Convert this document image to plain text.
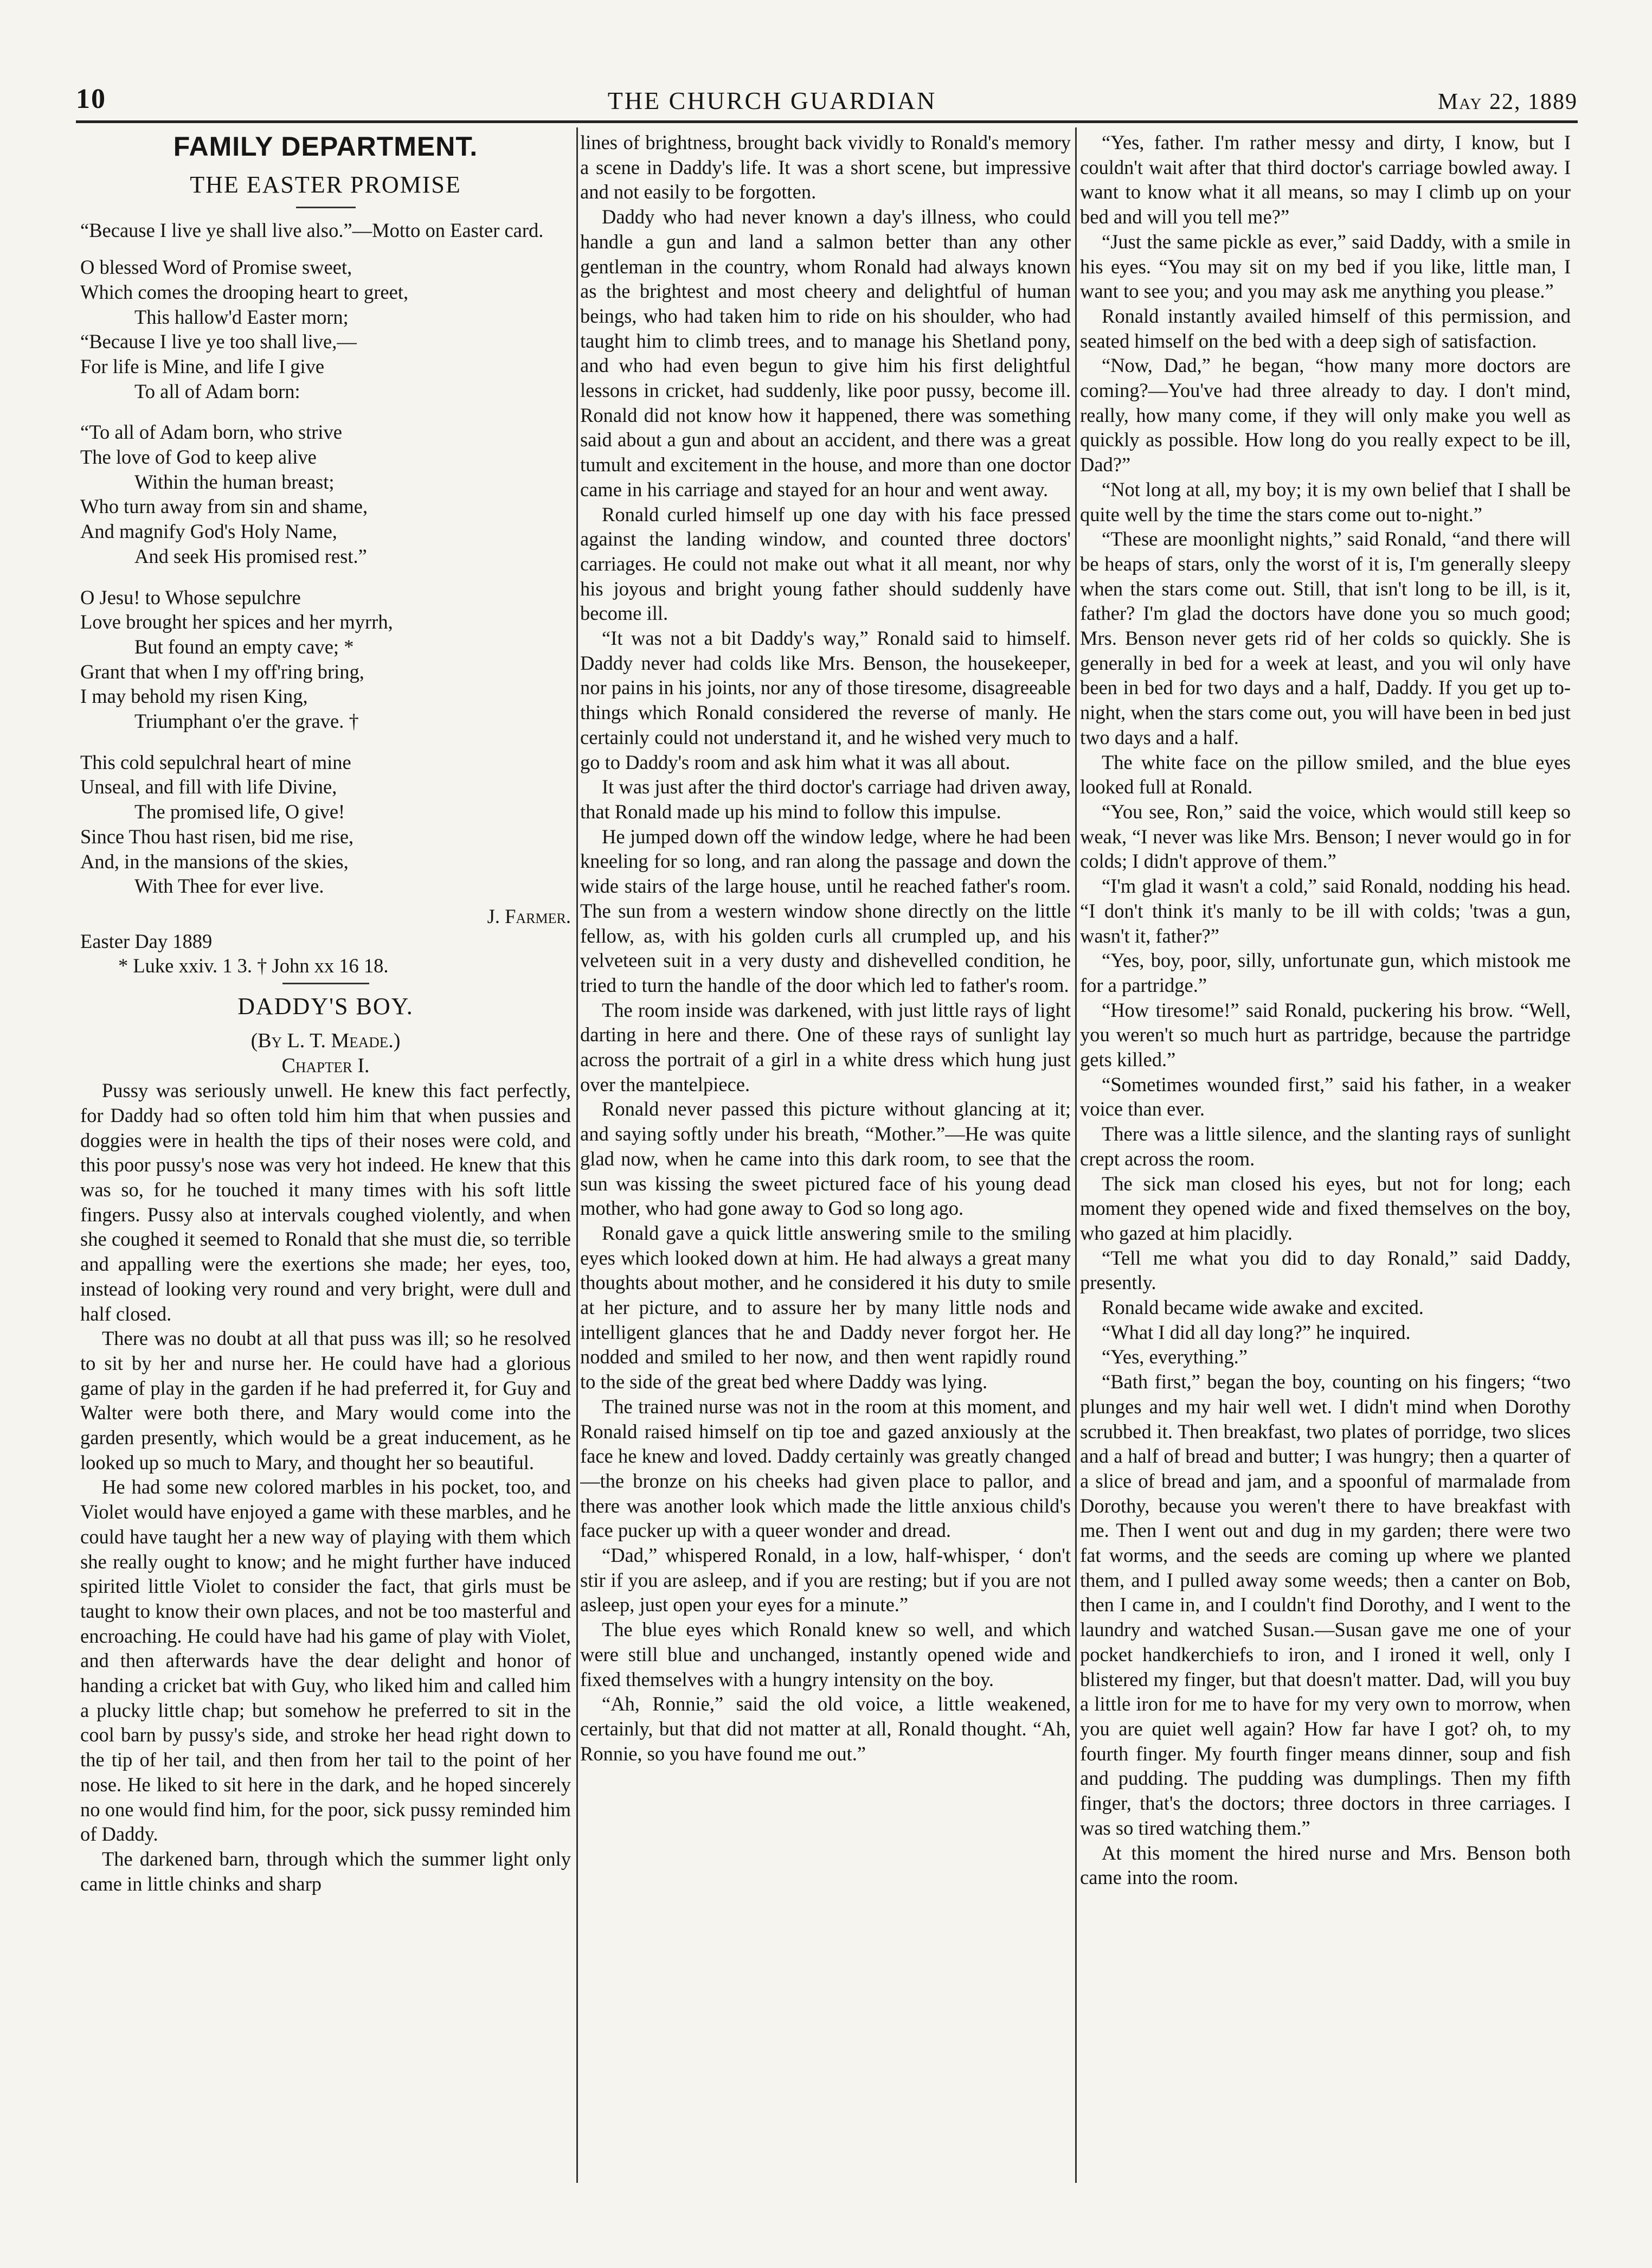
10	THE CHURCH GUARDIAN	May 22, 1889
FAMILY DEPARTMENT.
THE EASTER PROMISE

“Because I live ye shall live also.”—Motto on Easter card.

O blessed Word of Promise sweet,
Which comes the drooping heart to greet,
This hallow'd Easter morn;
“Because I live ye too shall live,—
For life is Mine, and life I give
To all of Adam born:
“To all of Adam born, who strive
The love of God to keep alive
Within the human breast;
Who turn away from sin and shame,
And magnify God's Holy Name,
And seek His promised rest.”
O Jesu! to Whose sepulchre
Love brought her spices and her myrrh,
But found an empty cave; *
Grant that when I my off'ring bring,
I may behold my risen King,
Triumphant o'er the grave. †
This cold sepulchral heart of mine
Unseal, and fill with life Divine,
The promised life, O give!
Since Thou hast risen, bid me rise,
And, in the mansions of the skies,
With Thee for ever live.

J. Farmer.

Easter Day 1889

* Luke xxiv. 1 3. † John xx 16 18.

DADDY'S BOY.

(By L. T. Meade.)

Chapter I.

Pussy was seriously unwell. He knew this fact perfectly, for Daddy had so often told him him that when pussies and doggies were in health the tips of their noses were cold, and this poor pussy's nose was very hot indeed. He knew that this was so, for he touched it many times with his soft little fingers. Pussy also at intervals coughed violently, and when she coughed it seemed to Ronald that she must die, so terrible and appalling were the exertions she made; her eyes, too, instead of looking very round and very bright, were dull and half closed.

There was no doubt at all that puss was ill; so he resolved to sit by her and nurse her. He could have had a glorious game of play in the garden if he had preferred it, for Guy and Walter were both there, and Mary would come into the garden presently, which would be a great inducement, as he looked up so much to Mary, and thought her so beautiful.

He had some new colored marbles in his pocket, too, and Violet would have enjoyed a game with these marbles, and he could have taught her a new way of playing with them which she really ought to know; and he might further have induced spirited little Violet to consider the fact, that girls must be taught to know their own places, and not be too masterful and encroaching. He could have had his game of play with Violet, and then afterwards have the dear delight and honor of handing a cricket bat with Guy, who liked him and called him a plucky little chap; but somehow he preferred to sit in the cool barn by pussy's side, and stroke her head right down to the tip of her tail, and then from her tail to the point of her nose. He liked to sit here in the dark, and he hoped sincerely no one would find him, for the poor, sick pussy reminded him of Daddy.

The darkened barn, through which the summer light only came in little chinks and sharp

lines of brightness, brought back vividly to Ronald's memory a scene in Daddy's life. It was a short scene, but impressive and not easily to be forgotten.

Daddy who had never known a day's illness, who could handle a gun and land a salmon better than any other gentleman in the country, whom Ronald had always known as the brightest and most cheery and delightful of human beings, who had taken him to ride on his shoulder, who had taught him to climb trees, and to manage his Shetland pony, and who had even begun to give him his first delightful lessons in cricket, had suddenly, like poor pussy, become ill. Ronald did not know how it happened, there was something said about a gun and about an accident, and there was a great tumult and excitement in the house, and more than one doctor came in his carriage and stayed for an hour and went away.

Ronald curled himself up one day with his face pressed against the landing window, and counted three doctors' carriages. He could not make out what it all meant, nor why his joyous and bright young father should suddenly have become ill.

“It was not a bit Daddy's way,” Ronald said to himself. Daddy never had colds like Mrs. Benson, the housekeeper, nor pains in his joints, nor any of those tiresome, disagreeable things which Ronald considered the reverse of manly. He certainly could not understand it, and he wished very much to go to Daddy's room and ask him what it was all about.

It was just after the third doctor's carriage had driven away, that Ronald made up his mind to follow this impulse.

He jumped down off the window ledge, where he had been kneeling for so long, and ran along the passage and down the wide stairs of the large house, until he reached father's room. The sun from a western window shone directly on the little fellow, as, with his golden curls all crumpled up, and his velveteen suit in a very dusty and dishevelled condition, he tried to turn the handle of the door which led to father's room.

The room inside was darkened, with just little rays of light darting in here and there. One of these rays of sunlight lay across the portrait of a girl in a white dress which hung just over the mantelpiece.

Ronald never passed this picture without glancing at it; and saying softly under his breath, “Mother.”—He was quite glad now, when he came into this dark room, to see that the sun was kissing the sweet pictured face of his young dead mother, who had gone away to God so long ago.

Ronald gave a quick little answering smile to the smiling eyes which looked down at him. He had always a great many thoughts about mother, and he considered it his duty to smile at her picture, and to assure her by many little nods and intelligent glances that he and Daddy never forgot her. He nodded and smiled to her now, and then went rapidly round to the side of the great bed where Daddy was lying.

The trained nurse was not in the room at this moment, and Ronald raised himself on tip toe and gazed anxiously at the face he knew and loved. Daddy certainly was greatly changed—the bronze on his cheeks had given place to pallor, and there was another look which made the little anxious child's face pucker up with a queer wonder and dread.

“Dad,” whispered Ronald, in a low, half-whisper, ‘ don't stir if you are asleep, and if you are resting; but if you are not asleep, just open your eyes for a minute.”

The blue eyes which Ronald knew so well, and which were still blue and unchanged, instantly opened wide and fixed themselves with a hungry intensity on the boy.

“Ah, Ronnie,” said the old voice, a little weakened, certainly, but that did not matter at all, Ronald thought. “Ah, Ronnie, so you have found me out.”

“Yes, father. I'm rather messy and dirty, I know, but I couldn't wait after that third doctor's carriage bowled away. I want to know what it all means, so may I climb up on your bed and will you tell me?”

“Just the same pickle as ever,” said Daddy, with a smile in his eyes. “You may sit on my bed if you like, little man, I want to see you; and you may ask me anything you please.”

Ronald instantly availed himself of this permission, and seated himself on the bed with a deep sigh of satisfaction.

“Now, Dad,” he began, “how many more doctors are coming?—You've had three already to day. I don't mind, really, how many come, if they will only make you well as quickly as possible. How long do you really expect to be ill, Dad?”

“Not long at all, my boy; it is my own belief that I shall be quite well by the time the stars come out to-night.”

“These are moonlight nights,” said Ronald, “and there will be heaps of stars, only the worst of it is, I'm generally sleepy when the stars come out. Still, that isn't long to be ill, is it, father? I'm glad the doctors have done you so much good; Mrs. Benson never gets rid of her colds so quickly. She is generally in bed for a week at least, and you wil only have been in bed for two days and a half, Daddy. If you get up to-night, when the stars come out, you will have been in bed just two days and a half.

The white face on the pillow smiled, and the blue eyes looked full at Ronald.

“You see, Ron,” said the voice, which would still keep so weak, “I never was like Mrs. Benson; I never would go in for colds; I didn't approve of them.”

“I'm glad it wasn't a cold,” said Ronald, nodding his head. “I don't think it's manly to be ill with colds; 'twas a gun, wasn't it, father?”

“Yes, boy, poor, silly, unfortunate gun, which mistook me for a partridge.”

“How tiresome!” said Ronald, puckering his brow. “Well, you weren't so much hurt as partridge, because the partridge gets killed.”

“Sometimes wounded first,” said his father, in a weaker voice than ever.

There was a little silence, and the slanting rays of sunlight crept across the room.

The sick man closed his eyes, but not for long; each moment they opened wide and fixed themselves on the boy, who gazed at him placidly.

“Tell me what you did to day Ronald,” said Daddy, presently.

Ronald became wide awake and excited.

“What I did all day long?” he inquired.

“Yes, everything.”

“Bath first,” began the boy, counting on his fingers; “two plunges and my hair well wet. I didn't mind when Dorothy scrubbed it. Then breakfast, two plates of porridge, two slices and a half of bread and butter; I was hungry; then a quarter of a slice of bread and jam, and a spoonful of marmalade from Dorothy, because you weren't there to have breakfast with me. Then I went out and dug in my garden; there were two fat worms, and the seeds are coming up where we planted them, and I pulled away some weeds; then a canter on Bob, then I came in, and I couldn't find Dorothy, and I went to the laundry and watched Susan.—Susan gave me one of your pocket handkerchiefs to iron, and I ironed it well, only I blistered my finger, but that doesn't matter. Dad, will you buy a little iron for me to have for my very own to morrow, when you are quiet well again? How far have I got? oh, to my fourth finger. My fourth finger means dinner, soup and fish and pudding. The pudding was dumplings. Then my fifth finger, that's the doctors; three doctors in three carriages. I was so tired watching them.”

At this moment the hired nurse and Mrs. Benson both came into the room.
